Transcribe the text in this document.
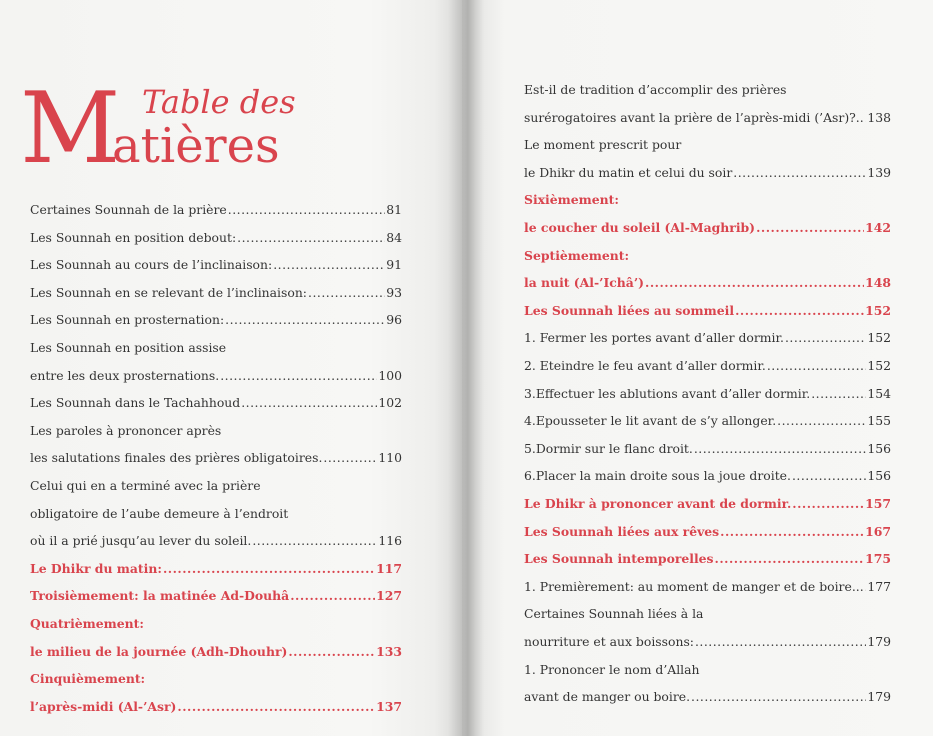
M
atières
Table des
Certaines Sounnah de la prière .....	81
Les Sounnah en position debout: .....	84
Les Sounnah au cours de l’inclinaison: .....	91
Les Sounnah en se relevant de l’inclinaison: .....	93
Les Sounnah en prosternation: .....	96
Les Sounnah en position assise
entre les deux prosternations. .....	100
Les Sounnah dans le Tachahhoud .....	102
Les paroles à prononcer après
les salutations finales des prières obligatoires. .....	110
Celui qui en a terminé avec la prière
obligatoire de l’aube demeure à l’endroit
où il a prié jusqu’au lever du soleil. .....	116
Le Dhikr du matin: .....	117
Troisièmement: la matinée Ad-Douhâ .....	127
Quatrièmement:
le milieu de la journée (Adh-Dhouhr) .....	133
Cinquièmement:
l’après-midi (Al-’Asr) .....	137
Est-il de tradition d’accomplir des prières
surérogatoires avant la prière de l’après-midi (’Asr)?.. ..... 138
Le moment prescrit pour
le Dhikr du matin et celui du soir .....	139
Sixièmement:
le coucher du soleil (Al-Maghrib) .....	142
Septièmement:
la nuit (Al-’Ichâ’) .....	148
Les Sounnah liées au sommeil .....	152
1. Fermer les portes avant d’aller dormir. .....	152
2. Eteindre le feu avant d’aller dormir. .....	152
3.Effectuer les ablutions avant d’aller dormir. .....	154
4.Epousseter le lit avant de s’y allonger. .....	155
5.Dormir sur le flanc droit. .....	156
6.Placer la main droite sous la joue droite. .....	156
Le Dhikr à prononcer avant de dormir. .....	157
Les Sounnah liées aux rêves .....	167
Les Sounnah intemporelles .....	175
1. Premièrement: au moment de manger et de boire... ..... 177
Certaines Sounnah liées à la
nourriture et aux boissons: .....	179
1. Prononcer le nom d’Allah
avant de manger ou boire. .....	179
